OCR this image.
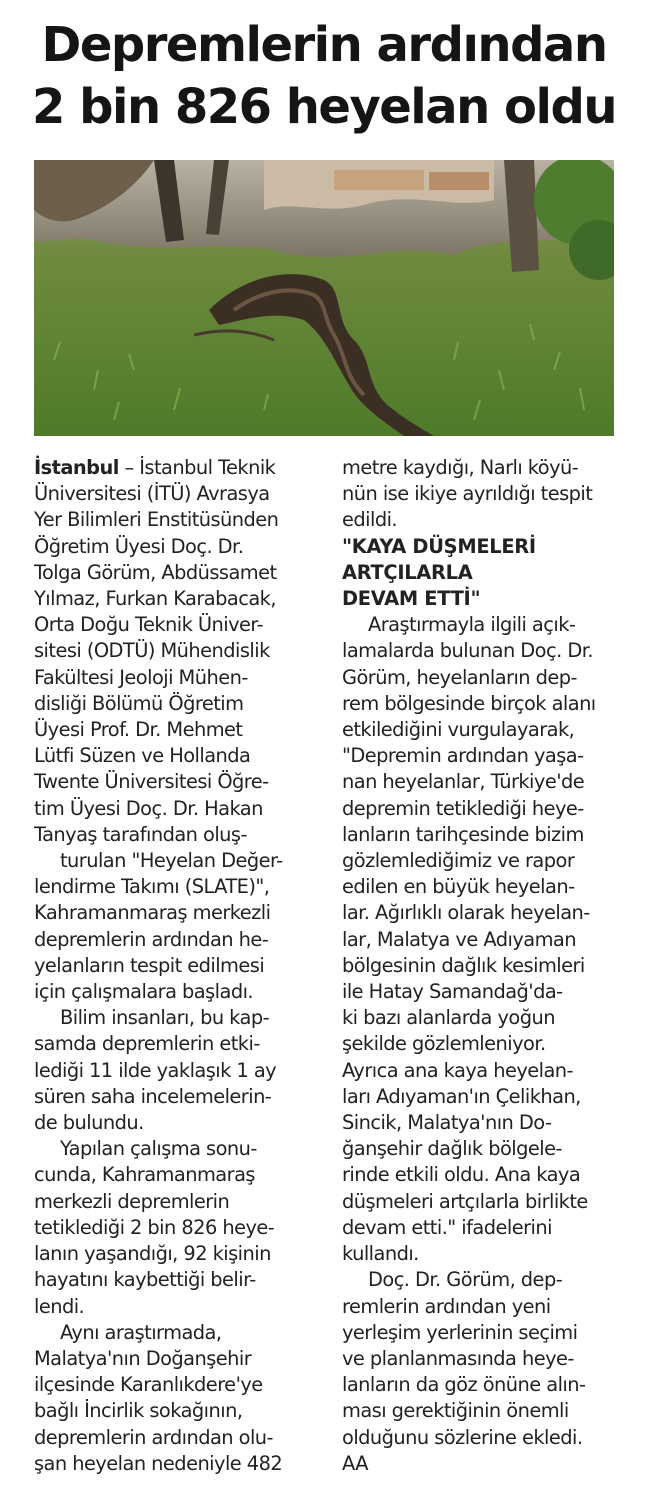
Depremlerin ardından
2 bin 826 heyelan oldu
İstanbul – İstanbul Teknik
Üniversitesi (İTÜ) Avrasya
Yer Bilimleri Enstitüsünden
Öğretim Üyesi Doç. Dr.
Tolga Görüm, Abdüssamet
Yılmaz, Furkan Karabacak,
Orta Doğu Teknik Üniver-
sitesi (ODTÜ) Mühendislik
Fakültesi Jeoloji Mühen-
disliği Bölümü Öğretim
Üyesi Prof. Dr. Mehmet
Lütfi Süzen ve Hollanda
Twente Üniversitesi Öğre-
tim Üyesi Doç. Dr. Hakan
Tanyaş tarafından oluş-
turulan "Heyelan Değer-
lendirme Takımı (SLATE)",
Kahramanmaraş merkezli
depremlerin ardından he-
yelanların tespit edilmesi
için çalışmalara başladı.
Bilim insanları, bu kap-
samda depremlerin etki-
lediği 11 ilde yaklaşık 1 ay
süren saha incelemelerin-
de bulundu.
Yapılan çalışma sonu-
cunda, Kahramanmaraş
merkezli depremlerin
tetiklediği 2 bin 826 heye-
lanın yaşandığı, 92 kişinin
hayatını kaybettiği belir-
lendi.
Aynı araştırmada,
Malatya'nın Doğanşehir
ilçesinde Karanlıkdere'ye
bağlı İncirlik sokağının,
depremlerin ardından olu-
şan heyelan nedeniyle 482
metre kaydığı, Narlı köyü-
nün ise ikiye ayrıldığı tespit
edildi.
"KAYA DÜŞMELERİ
ARTÇILARLA
DEVAM ETTİ"
Araştırmayla ilgili açık-
lamalarda bulunan Doç. Dr.
Görüm, heyelanların dep-
rem bölgesinde birçok alanı
etkilediğini vurgulayarak,
"Depremin ardından yaşa-
nan heyelanlar, Türkiye'de
depremin tetiklediği heye-
lanların tarihçesinde bizim
gözlemlediğimiz ve rapor
edilen en büyük heyelan-
lar. Ağırlıklı olarak heyelan-
lar, Malatya ve Adıyaman
bölgesinin dağlık kesimleri
ile Hatay Samandağ'da-
ki bazı alanlarda yoğun
şekilde gözlemleniyor.
Ayrıca ana kaya heyelan-
ları Adıyaman'ın Çelikhan,
Sincik, Malatya'nın Do-
ğanşehir dağlık bölgele-
rinde etkili oldu. Ana kaya
düşmeleri artçılarla birlikte
devam etti." ifadelerini
kullandı.
Doç. Dr. Görüm, dep-
remlerin ardından yeni
yerleşim yerlerinin seçimi
ve planlanmasında heye-
lanların da göz önüne alın-
ması gerektiğinin önemli
olduğunu sözlerine ekledi.
AA
